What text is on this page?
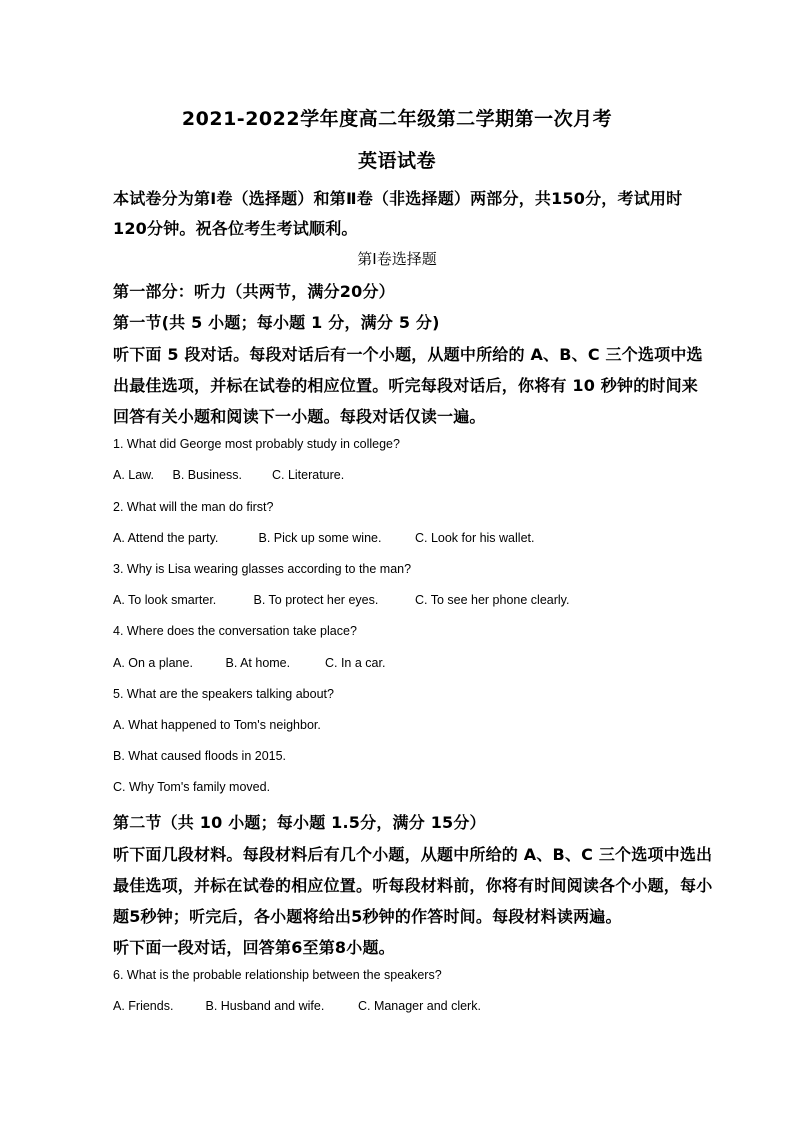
2021-2022学年度高二年级第二学期第一次月考
英语试卷
本试卷分为第Ⅰ卷（选择题）和第Ⅱ卷（非选择题）两部分，共150分，考试用时
120分钟。祝各位考生考试顺利。
第Ⅰ卷选择题
第一部分：听力（共两节，满分20分）
第一节(共 5 小题；每小题 1 分，满分 5 分)
听下面 5 段对话。每段对话后有一个小题，从题中所给的 A、B、C 三个选项中选
出最佳选项，并标在试卷的相应位置。听完每段对话后，你将有 10 秒钟的时间来
回答有关小题和阅读下一小题。每段对话仅读一遍。
1. What did George most probably study in college?
A. Law. B. Business. C. Literature.
2. What will the man do first?
A. Attend the party.	B. Pick up some wine.	C. Look for his wallet.
3. Why is Lisa wearing glasses according to the man?
A. To look smarter.	B. To protect her eyes.	C. To see her phone clearly.
4. Where does the conversation take place?
A. On a plane.	B. At home.	C. In a car.
5. What are the speakers talking about?
A. What happened to Tom's neighbor.
B. What caused floods in 2015.
C. Why Tom's family moved.
第二节（共 10 小题；每小题 1.5分，满分 15分）
听下面几段材料。每段材料后有几个小题，从题中所给的 A、B、C 三个选项中选出
最佳选项，并标在试卷的相应位置。听每段材料前，你将有时间阅读各个小题，每小
题5秒钟；听完后，各小题将给出5秒钟的作答时间。每段材料读两遍。
听下面一段对话，回答第6至第8小题。
6. What is the probable relationship between the speakers?
A. Friends.	B. Husband and wife.	C. Manager and clerk.
